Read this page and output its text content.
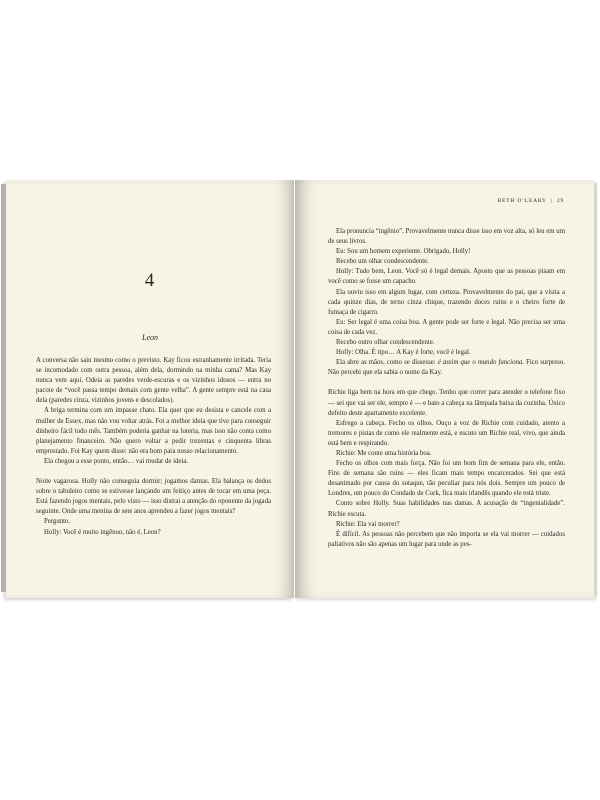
4
Leon

A conversa não saiu mesmo como o previsto. Kay ficou estranhamente irritada. Teria se incomodado com outra pessoa, além dela, dormindo na minha cama? Mas Kay nunca vem aqui. Odeia as paredes verde-escuras e os vizinhos idosos — entra no pacote de “você passa tempo demais com gente velha”. A gente sempre está na casa dela (paredes cinza, vizinhos jovens e descolados).

A briga termina com um impasse chato. Ela quer que eu desista e cancele com a mulher de Essex, mas não vou voltar atrás. Foi a melhor ideia que tive para conseguir dinheiro fácil todo mês. Também poderia ganhar na loteria, mas isso não conta como planejamento financeiro. Não quero voltar a pedir trezentas e cinquenta libras emprestado. Foi Kay quem disse: não era bom para nosso relacionamento.

Ela chegou a esse ponto, então… vai mudar de ideia.

Noite vagarosa. Holly não conseguia dormir; jogamos damas. Ela balança os dedos sobre o tabuleiro como se estivesse lançando um feitiço antes de tocar em uma peça. Está fazendo jogos mentais, pelo visto — isso distrai a atenção do oponente da jogada seguinte. Onde uma menina de sete anos aprendeu a fazer jogos mentais?

Pergunto.

Holly: Você é muito ingênuo, não é, Leon?

BETH O’LEARY | 29

Ela pronuncia “ingênio”. Provavelmente nunca disse isso em voz alta, só leu em um de seus livros.

Eu: Sou um homem experiente. Obrigado, Holly!

Recebo um olhar condescendente.

Holly: Tudo bem, Leon. Você só é legal demais. Aposto que as pessoas pisam em você como se fosse um capacho.

Ela ouviu isso em algum lugar, com certeza. Provavelmente do pai, que a visita a cada quinze dias, de terno cinza chique, trazendo doces ruins e o cheiro forte de fumaça de cigarro.

Eu: Ser legal é uma coisa boa. A gente pode ser forte e legal. Não precisa ser uma coisa de cada vez.

Recebo outro olhar condescendente.

Holly: Olha. É tipo… A Kay é forte, você é legal.

Ela abre as mãos, como se dissesse: é assim que o mundo funciona. Fico surpreso. Não percebi que ela sabia o nome da Kay.

Richie liga bem na hora em que chego. Tenho que correr para atender o telefone fixo — sei que vai ser ele, sempre é — e bato a cabeça na lâmpada baixa da cozinha. Único defeito deste apartamento excelente.

Esfrego a cabeça. Fecho os olhos. Ouço a voz de Richie com cuidado, atento a tremores e pistas de como ele realmente está, e escuto um Richie real, vivo, que ainda está bem e respirando.

Richie: Me conte uma história boa.

Fecho os olhos com mais força. Não foi um bom fim de semana para ele, então. Fins de semana são ruins — eles ficam mais tempo encarcerados. Sei que está desanimado por causa do sotaque, tão peculiar para nós dois. Sempre um pouco de Londres, um pouco do Condado de Cork, fica mais irlandês quando ele está triste.

Conto sobre Holly. Suas habilidades nas damas. A acusação de “ingenialidade”. Richie escuta.

Richie: Ela vai morrer?

É difícil. As pessoas não percebem que não importa se ela vai morrer — cuidados paliativos não são apenas um lugar para onde as pes-
